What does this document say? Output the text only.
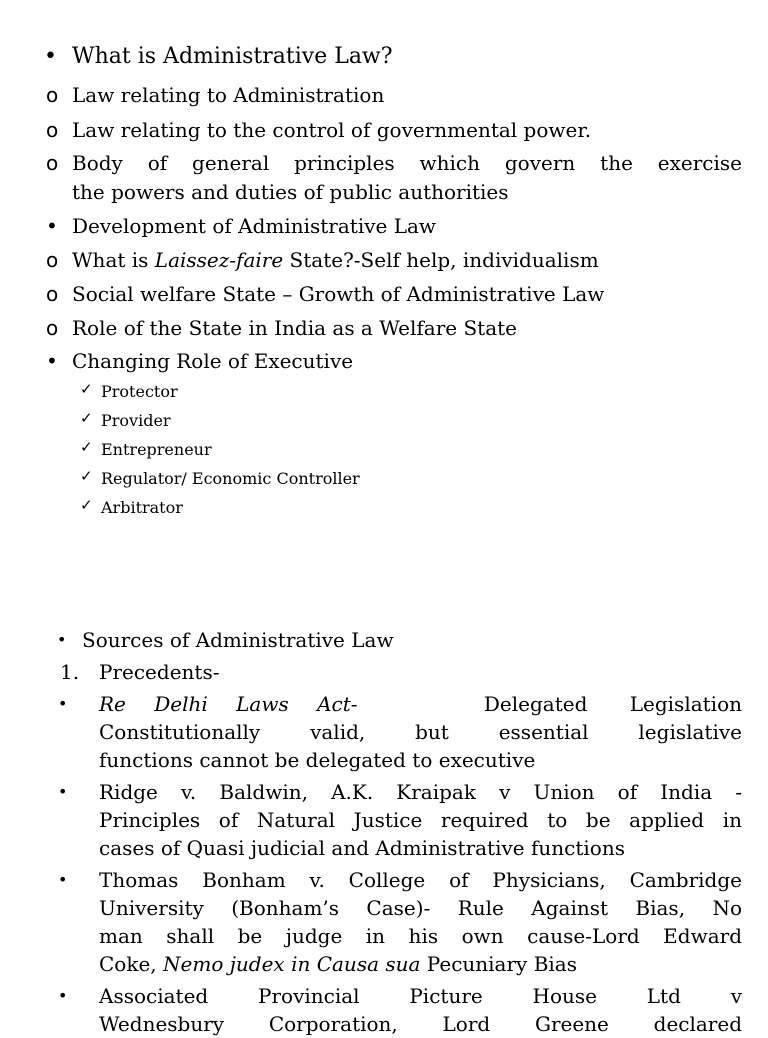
• What is Administrative Law?
o Law relating to Administration
o Law relating to the control of governmental power.
o Body of general principles which govern the exercise
the powers and duties of public authorities
• Development of Administrative Law
o What is Laissez-faire State?-Self help, individualism
o Social welfare State – Growth of Administrative Law
o Role of the State in India as a Welfare State
• Changing Role of Executive
✓ Protector
✓ Provider
✓ Entrepreneur
✓ Regulator/ Economic Controller
✓ Arbitrator
• Sources of Administrative Law
1. Precedents-
• Re Delhi Laws Act-	Delegated Legislation
Constitutionally valid, but essential legislative
functions cannot be delegated to executive
• Ridge v. Baldwin, A.K. Kraipak v Union of India -
Principles of Natural Justice required to be applied in
cases of Quasi judicial and Administrative functions
• Thomas Bonham v. College of Physicians, Cambridge
University (Bonham’s Case)- Rule Against Bias, No
man shall be judge in his own cause-Lord Edward
Coke, Nemo judex in Causa sua Pecuniary Bias
• Associated Provincial Picture House Ltd v
Wednesbury Corporation, Lord Greene declared
